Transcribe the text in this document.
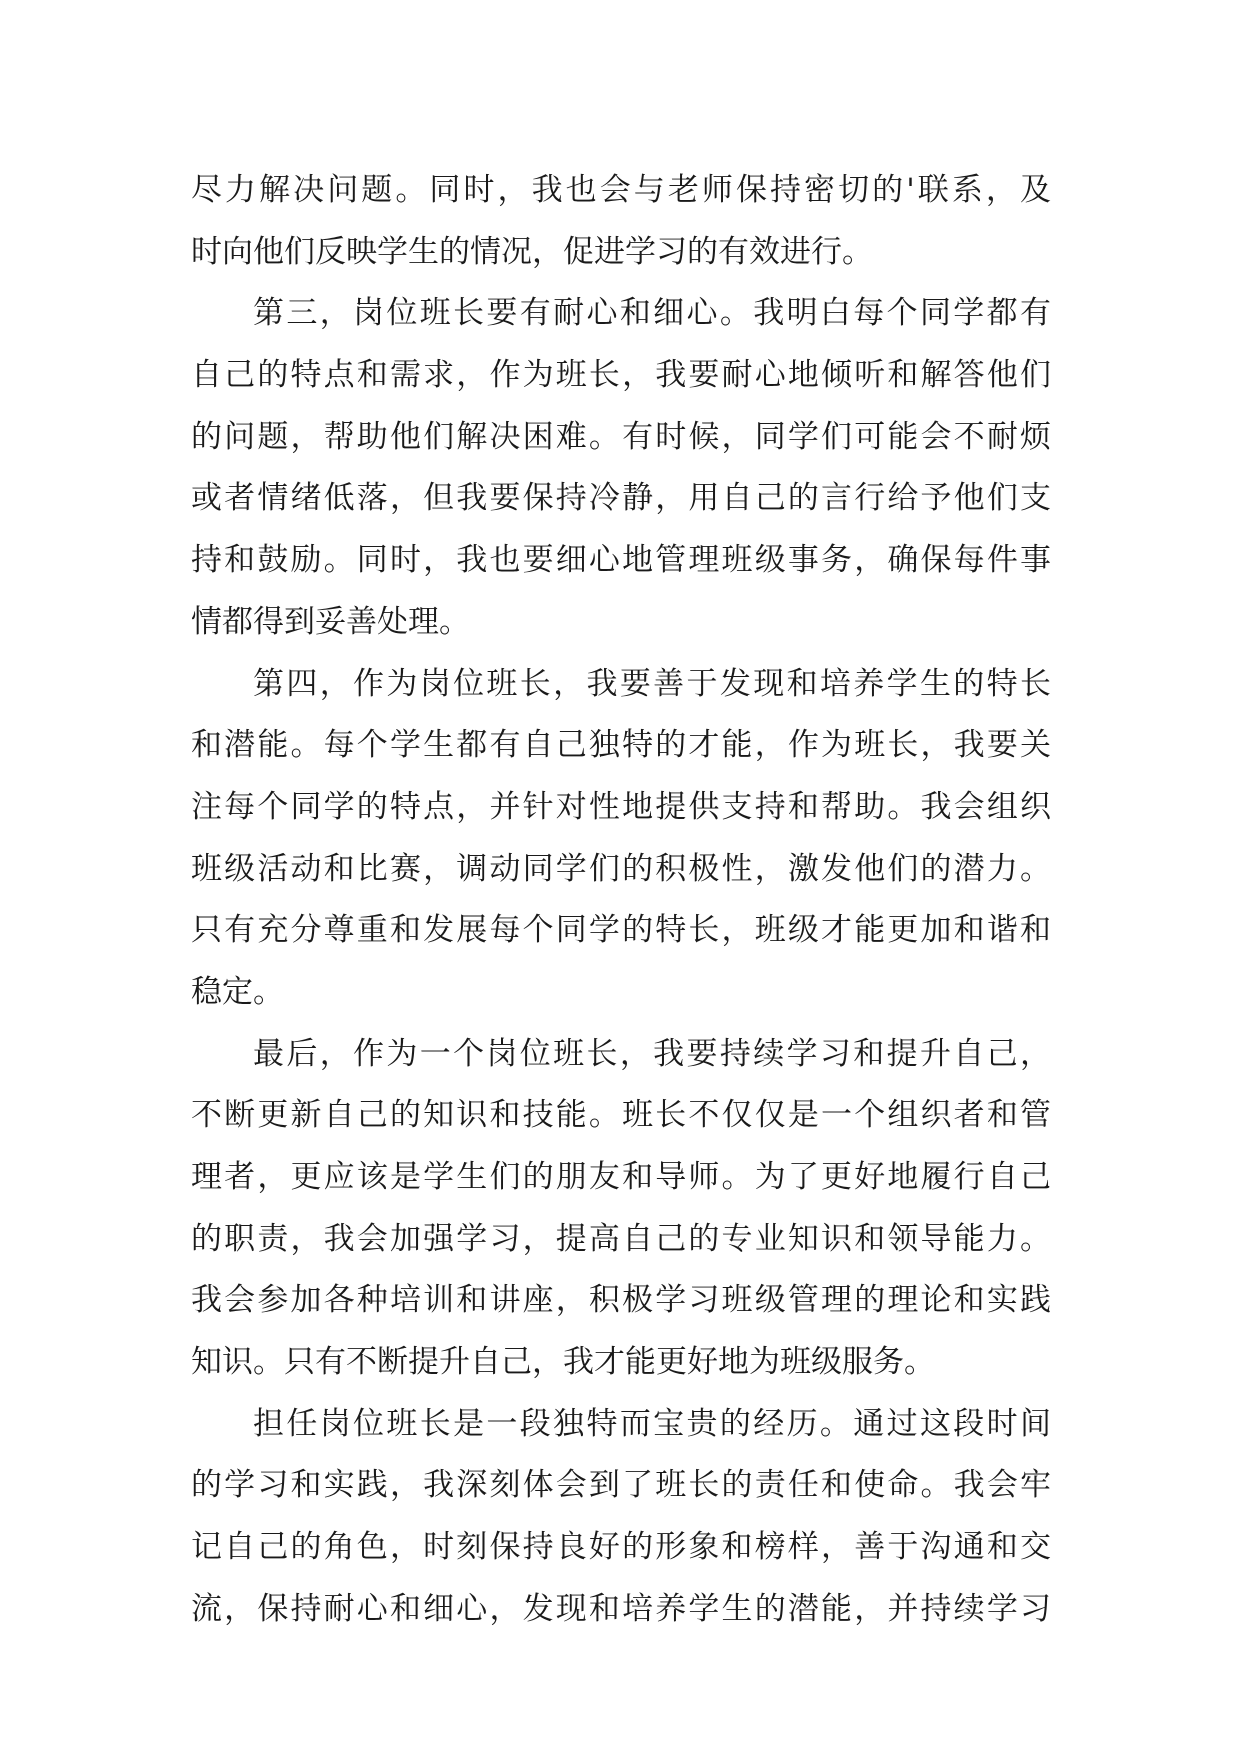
尽力解决问题。同时，我也会与老师保持密切的'联系，及
时向他们反映学生的情况，促进学习的有效进行。
第三，岗位班长要有耐心和细心。我明白每个同学都有
自己的特点和需求，作为班长，我要耐心地倾听和解答他们
的问题，帮助他们解决困难。有时候，同学们可能会不耐烦
或者情绪低落，但我要保持冷静，用自己的言行给予他们支
持和鼓励。同时，我也要细心地管理班级事务，确保每件事
情都得到妥善处理。
第四，作为岗位班长，我要善于发现和培养学生的特长
和潜能。每个学生都有自己独特的才能，作为班长，我要关
注每个同学的特点，并针对性地提供支持和帮助。我会组织
班级活动和比赛，调动同学们的积极性，激发他们的潜力。
只有充分尊重和发展每个同学的特长，班级才能更加和谐和
稳定。
最后，作为一个岗位班长，我要持续学习和提升自己，
不断更新自己的知识和技能。班长不仅仅是一个组织者和管
理者，更应该是学生们的朋友和导师。为了更好地履行自己
的职责，我会加强学习，提高自己的专业知识和领导能力。
我会参加各种培训和讲座，积极学习班级管理的理论和实践
知识。只有不断提升自己，我才能更好地为班级服务。
担任岗位班长是一段独特而宝贵的经历。通过这段时间
的学习和实践，我深刻体会到了班长的责任和使命。我会牢
记自己的角色，时刻保持良好的形象和榜样，善于沟通和交
流，保持耐心和细心，发现和培养学生的潜能，并持续学习
